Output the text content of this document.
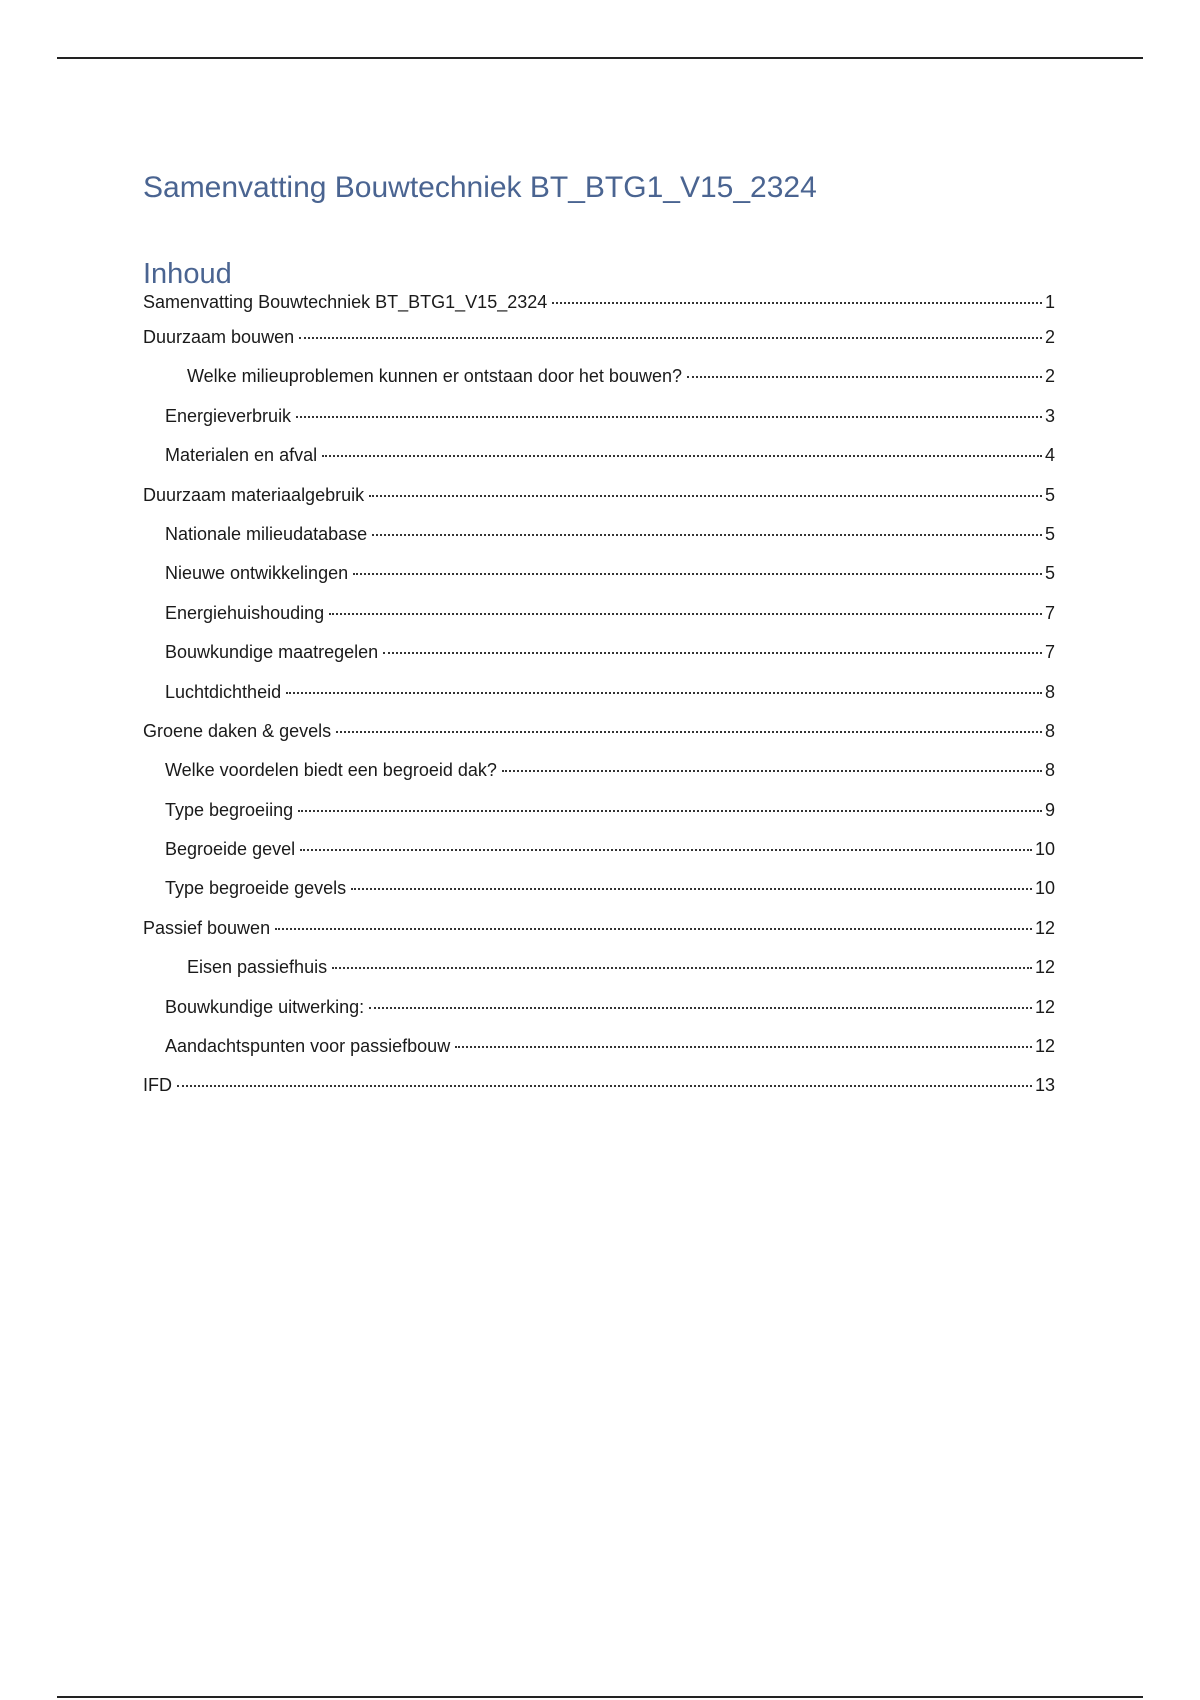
Samenvatting Bouwtechniek BT_BTG1_V15_2324
Inhoud
Samenvatting Bouwtechniek BT_BTG1_V15_2324	1
Duurzaam bouwen	2
Welke milieuproblemen kunnen er ontstaan door het bouwen?	2
Energieverbruik	3
Materialen en afval	4
Duurzaam materiaalgebruik	5
Nationale milieudatabase	5
Nieuwe ontwikkelingen	5
Energiehuishouding	7
Bouwkundige maatregelen	7
Luchtdichtheid	8
Groene daken & gevels	8
Welke voordelen biedt een begroeid dak?	8
Type begroeiing	9
Begroeide gevel	10
Type begroeide gevels	10
Passief bouwen	12
Eisen passiefhuis	12
Bouwkundige uitwerking:	12
Aandachtspunten voor passiefbouw	12
IFD	13
